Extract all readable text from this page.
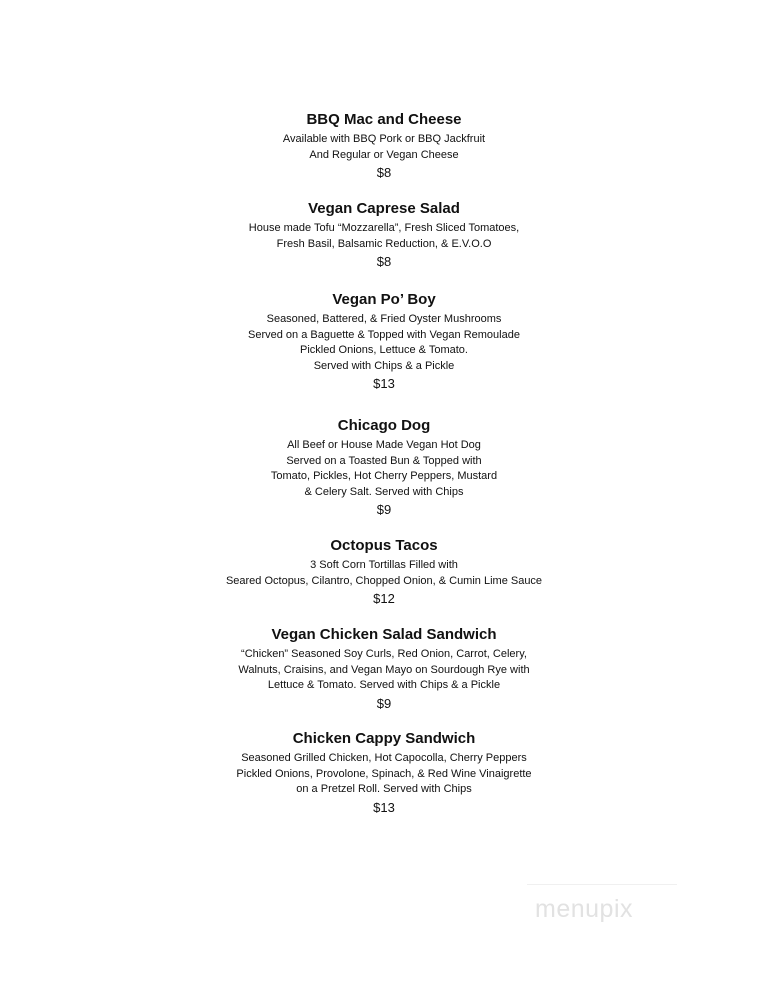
BBQ Mac and Cheese
Available with BBQ Pork or BBQ Jackfruit
And Regular or Vegan Cheese
$8
Vegan Caprese Salad
House made Tofu “Mozzarella”, Fresh Sliced Tomatoes,
Fresh Basil, Balsamic Reduction, & E.V.O.O
$8
Vegan Po’ Boy
Seasoned, Battered, & Fried Oyster Mushrooms
Served on a Baguette & Topped with Vegan Remoulade
Pickled Onions, Lettuce & Tomato.
Served with Chips & a Pickle
$13
Chicago Dog
All Beef or House Made Vegan Hot Dog
Served on a Toasted Bun & Topped with
Tomato, Pickles, Hot Cherry Peppers, Mustard
& Celery Salt. Served with Chips
$9
Octopus Tacos
3 Soft Corn Tortillas Filled with
Seared Octopus, Cilantro, Chopped Onion, & Cumin Lime Sauce
$12
Vegan Chicken Salad Sandwich
“Chicken” Seasoned Soy Curls, Red Onion, Carrot, Celery,
Walnuts, Craisins, and Vegan Mayo on Sourdough Rye with
Lettuce & Tomato. Served with Chips & a Pickle
$9
Chicken Cappy Sandwich
Seasoned Grilled Chicken, Hot Capocolla, Cherry Peppers
Pickled Onions, Provolone, Spinach, & Red Wine Vinaigrette
on a Pretzel Roll. Served with Chips
$13
menupix
